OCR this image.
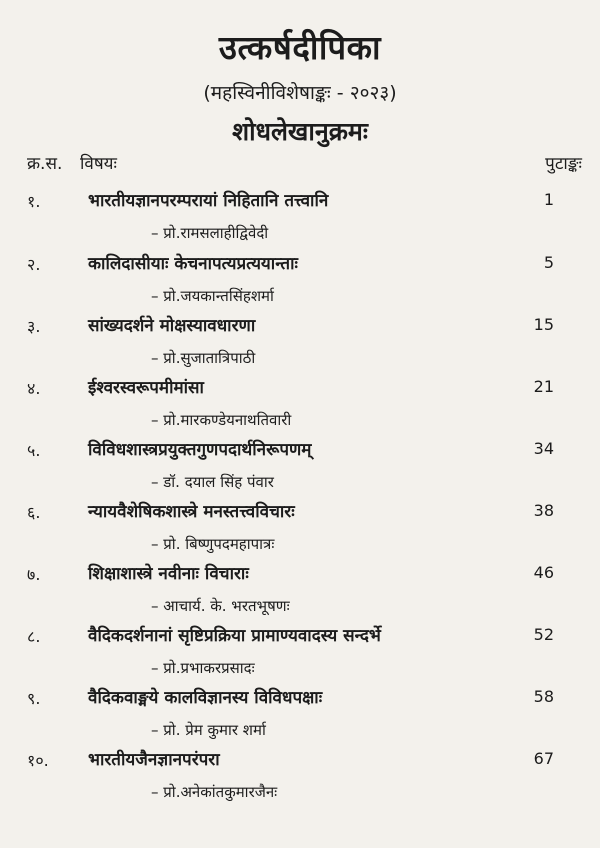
उत्कर्षदीपिका
(महस्विनीविशेषाङ्कः - २०२३)
शोधलेखानुक्रमः
क्र.स. विषयः	पुटाङ्कः
१.	भारतीयज्ञानपरम्परायां निहितानि तत्त्वानि	1
– प्रो.रामसलाहीद्विवेदी
२.	कालिदासीयाः केचनापत्यप्रत्ययान्ताः	5
– प्रो.जयकान्तसिंहशर्मा
३.	सांख्यदर्शने मोक्षस्यावधारणा	15
– प्रो.सुजातात्रिपाठी
४.	ईश्वरस्वरूपमीमांसा	21
– प्रो.मारकण्डेयनाथतिवारी
५.	विविधशास्त्रप्रयुक्तगुणपदार्थनिरूपणम्	34
– डॉ. दयाल सिंह पंवार
६.	न्यायवैशेषिकशास्त्रे मनस्तत्त्वविचारः	38
– प्रो. बिष्णुपदमहापात्रः
७.	शिक्षाशास्त्रे नवीनाः विचाराः	46
– आचार्य. के. भरतभूषणः
८.	वैदिकदर्शनानां सृष्टिप्रक्रिया प्रामाण्यवादस्य सन्दर्भे	52
– प्रो.प्रभाकरप्रसादः
९.	वैदिकवाङ्मये कालविज्ञानस्य विविधपक्षाः	58
– प्रो. प्रेम कुमार शर्मा
१०. भारतीयजैनज्ञानपरंपरा	67
– प्रो.अनेकांतकुमारजैनः
